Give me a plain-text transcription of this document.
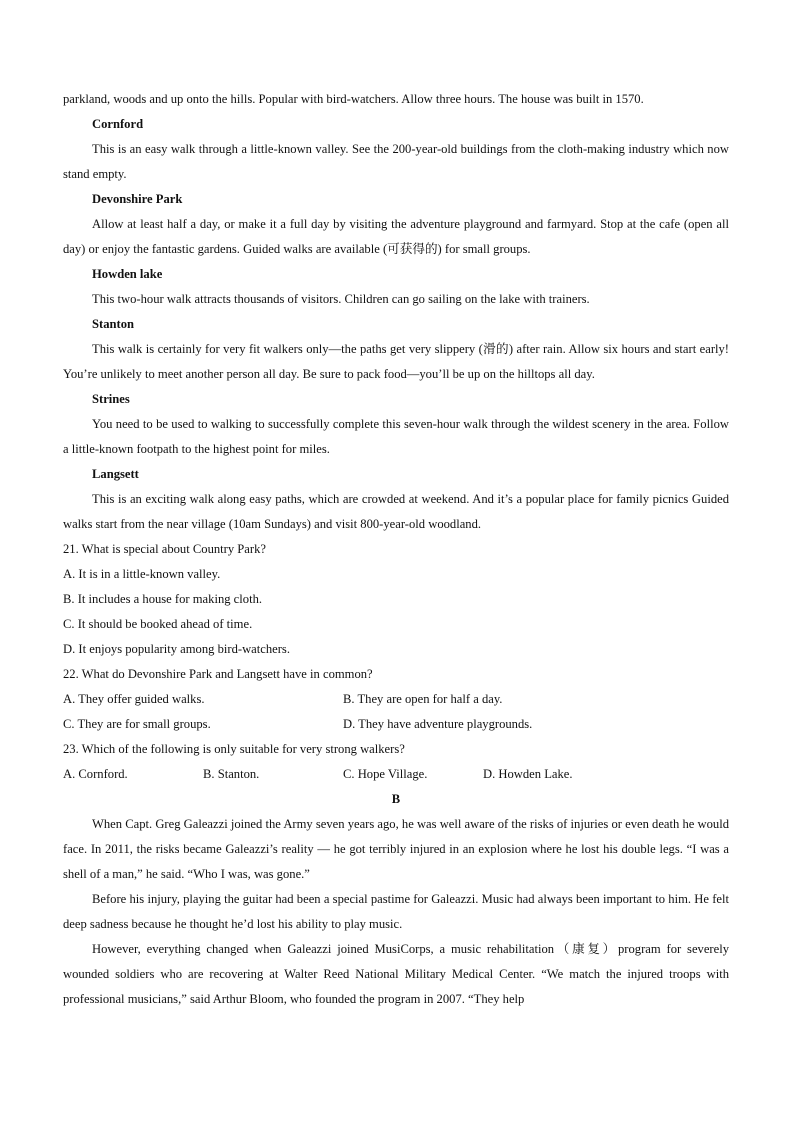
parkland, woods and up onto the hills. Popular with bird-watchers. Allow three hours. The house was built in 1570.

Cornford

This is an easy walk through a little-known valley. See the 200-year-old buildings from the cloth-making industry which now stand empty.

Devonshire Park

Allow at least half a day, or make it a full day by visiting the adventure playground and farmyard. Stop at the cafe (open all day) or enjoy the fantastic gardens. Guided walks are available (可获得的) for small groups.

Howden lake

This two-hour walk attracts thousands of visitors. Children can go sailing on the lake with trainers.

Stanton

This walk is certainly for very fit walkers only—the paths get very slippery (滑的) after rain. Allow six hours and start early! You’re unlikely to meet another person all day. Be sure to pack food—you’ll be up on the hilltops all day.

Strines

You need to be used to walking to successfully complete this seven-hour walk through the wildest scenery in the area. Follow a little-known footpath to the highest point for miles.

Langsett

This is an exciting walk along easy paths, which are crowded at weekend. And it’s a popular place for family picnics Guided walks start from the near village (10am Sundays) and visit 800-year-old woodland.

21. What is special about Country Park?

A. It is in a little-known valley.

B. It includes a house for making cloth.

C. It should be booked ahead of time.

D. It enjoys popularity among bird-watchers.

22. What do Devonshire Park and Langsett have in common?

A. They offer guided walks.	B. They are open for half a day.
C. They are for small groups.	D. They have adventure playgrounds.

23. Which of the following is only suitable for very strong walkers?

A. Cornford.	B. Stanton.	C. Hope Village.	D. Howden Lake.

B

When Capt. Greg Galeazzi joined the Army seven years ago, he was well aware of the risks of injuries or even death he would face. In 2011, the risks became Galeazzi’s reality — he got terribly injured in an explosion where he lost his double legs. “I was a shell of a man,” he said. “Who I was, was gone.”

Before his injury, playing the guitar had been a special pastime for Galeazzi. Music had always been important to him. He felt deep sadness because he thought he’d lost his ability to play music.

However, everything changed when Galeazzi joined MusiCorps, a music rehabilitation（康复）program for severely wounded soldiers who are recovering at Walter Reed National Military Medical Center. “We match the injured troops with professional musicians,” said Arthur Bloom, who founded the program in 2007. “They help
